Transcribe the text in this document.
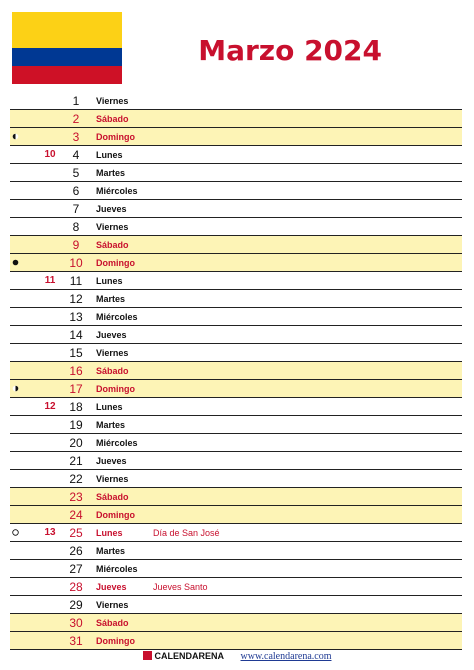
Marzo 2024
1	Viernes
2	Sábado
3	Domingo
10	4	Lunes
5	Martes
6	Miércoles
7	Jueves
8	Viernes
9	Sábado
10	Domingo
11	11	Lunes
12	Martes
13	Miércoles
14	Jueves
15	Viernes
16	Sábado
17	Domingo
12	18	Lunes
19	Martes
20	Miércoles
21	Jueves
22	Viernes
23	Sábado
24	Domingo
13	25	Lunes	Día de San José
26	Martes
27	Miércoles
28	Jueves	Jueves Santo
29	Viernes
30	Sábado
31	Domingo
CALENDARENA www.calendarena.com
